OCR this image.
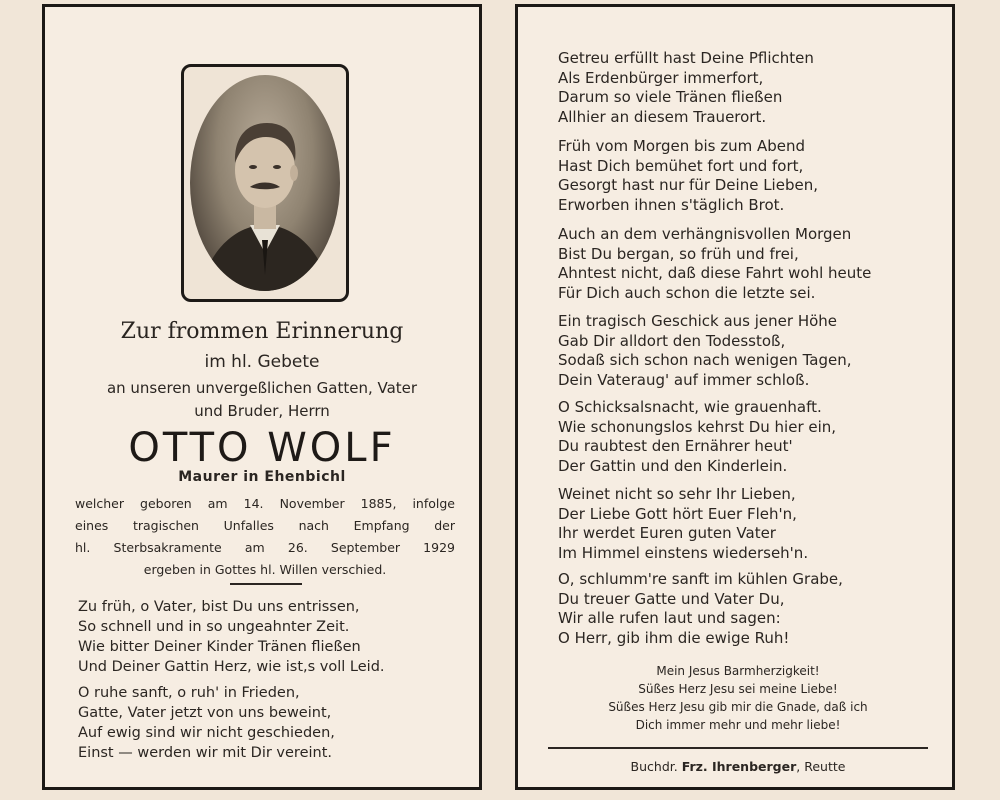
Zur frommen Erinnerung
im hl. Gebete
an unseren unvergeßlichen Gatten, Vater
und Bruder, Herrn
OTTO WOLF
Maurer in Ehenbichl
welcher geboren am 14. November 1885, infolge
eines tragischen Unfalles nach Empfang der
hl. Sterbsakramente am 26. September 1929
ergeben in Gottes hl. Willen verschied.
Zu früh, o Vater, bist Du uns entrissen,
So schnell und in so ungeahnter Zeit.
Wie bitter Deiner Kinder Tränen fließen
Und Deiner Gattin Herz, wie ist,s voll Leid.
O ruhe sanft, o ruh' in Frieden,
Gatte, Vater jetzt von uns beweint,
Auf ewig sind wir nicht geschieden,
Einst — werden wir mit Dir vereint.
Getreu erfüllt hast Deine Pflichten
Als Erdenbürger immerfort,
Darum so viele Tränen fließen
Allhier an diesem Trauerort.
Früh vom Morgen bis zum Abend
Hast Dich bemühet fort und fort,
Gesorgt hast nur für Deine Lieben,
Erworben ihnen s'täglich Brot.
Auch an dem verhängnisvollen Morgen
Bist Du bergan, so früh und frei,
Ahntest nicht, daß diese Fahrt wohl heute
Für Dich auch schon die letzte sei.
Ein tragisch Geschick aus jener Höhe
Gab Dir alldort den Todesstoß,
Sodaß sich schon nach wenigen Tagen,
Dein Vateraug' auf immer schloß.
O Schicksalsnacht, wie grauenhaft.
Wie schonungslos kehrst Du hier ein,
Du raubtest den Ernährer heut'
Der Gattin und den Kinderlein.
Weinet nicht so sehr Ihr Lieben,
Der Liebe Gott hört Euer Fleh'n,
Ihr werdet Euren guten Vater
Im Himmel einstens wiederseh'n.
O, schlumm're sanft im kühlen Grabe,
Du treuer Gatte und Vater Du,
Wir alle rufen laut und sagen:
O Herr, gib ihm die ewige Ruh!
Mein Jesus Barmherzigkeit!
Süßes Herz Jesu sei meine Liebe!
Süßes Herz Jesu gib mir die Gnade, daß ich
Dich immer mehr und mehr liebe!
Buchdr. Frz. Ihrenberger, Reutte
